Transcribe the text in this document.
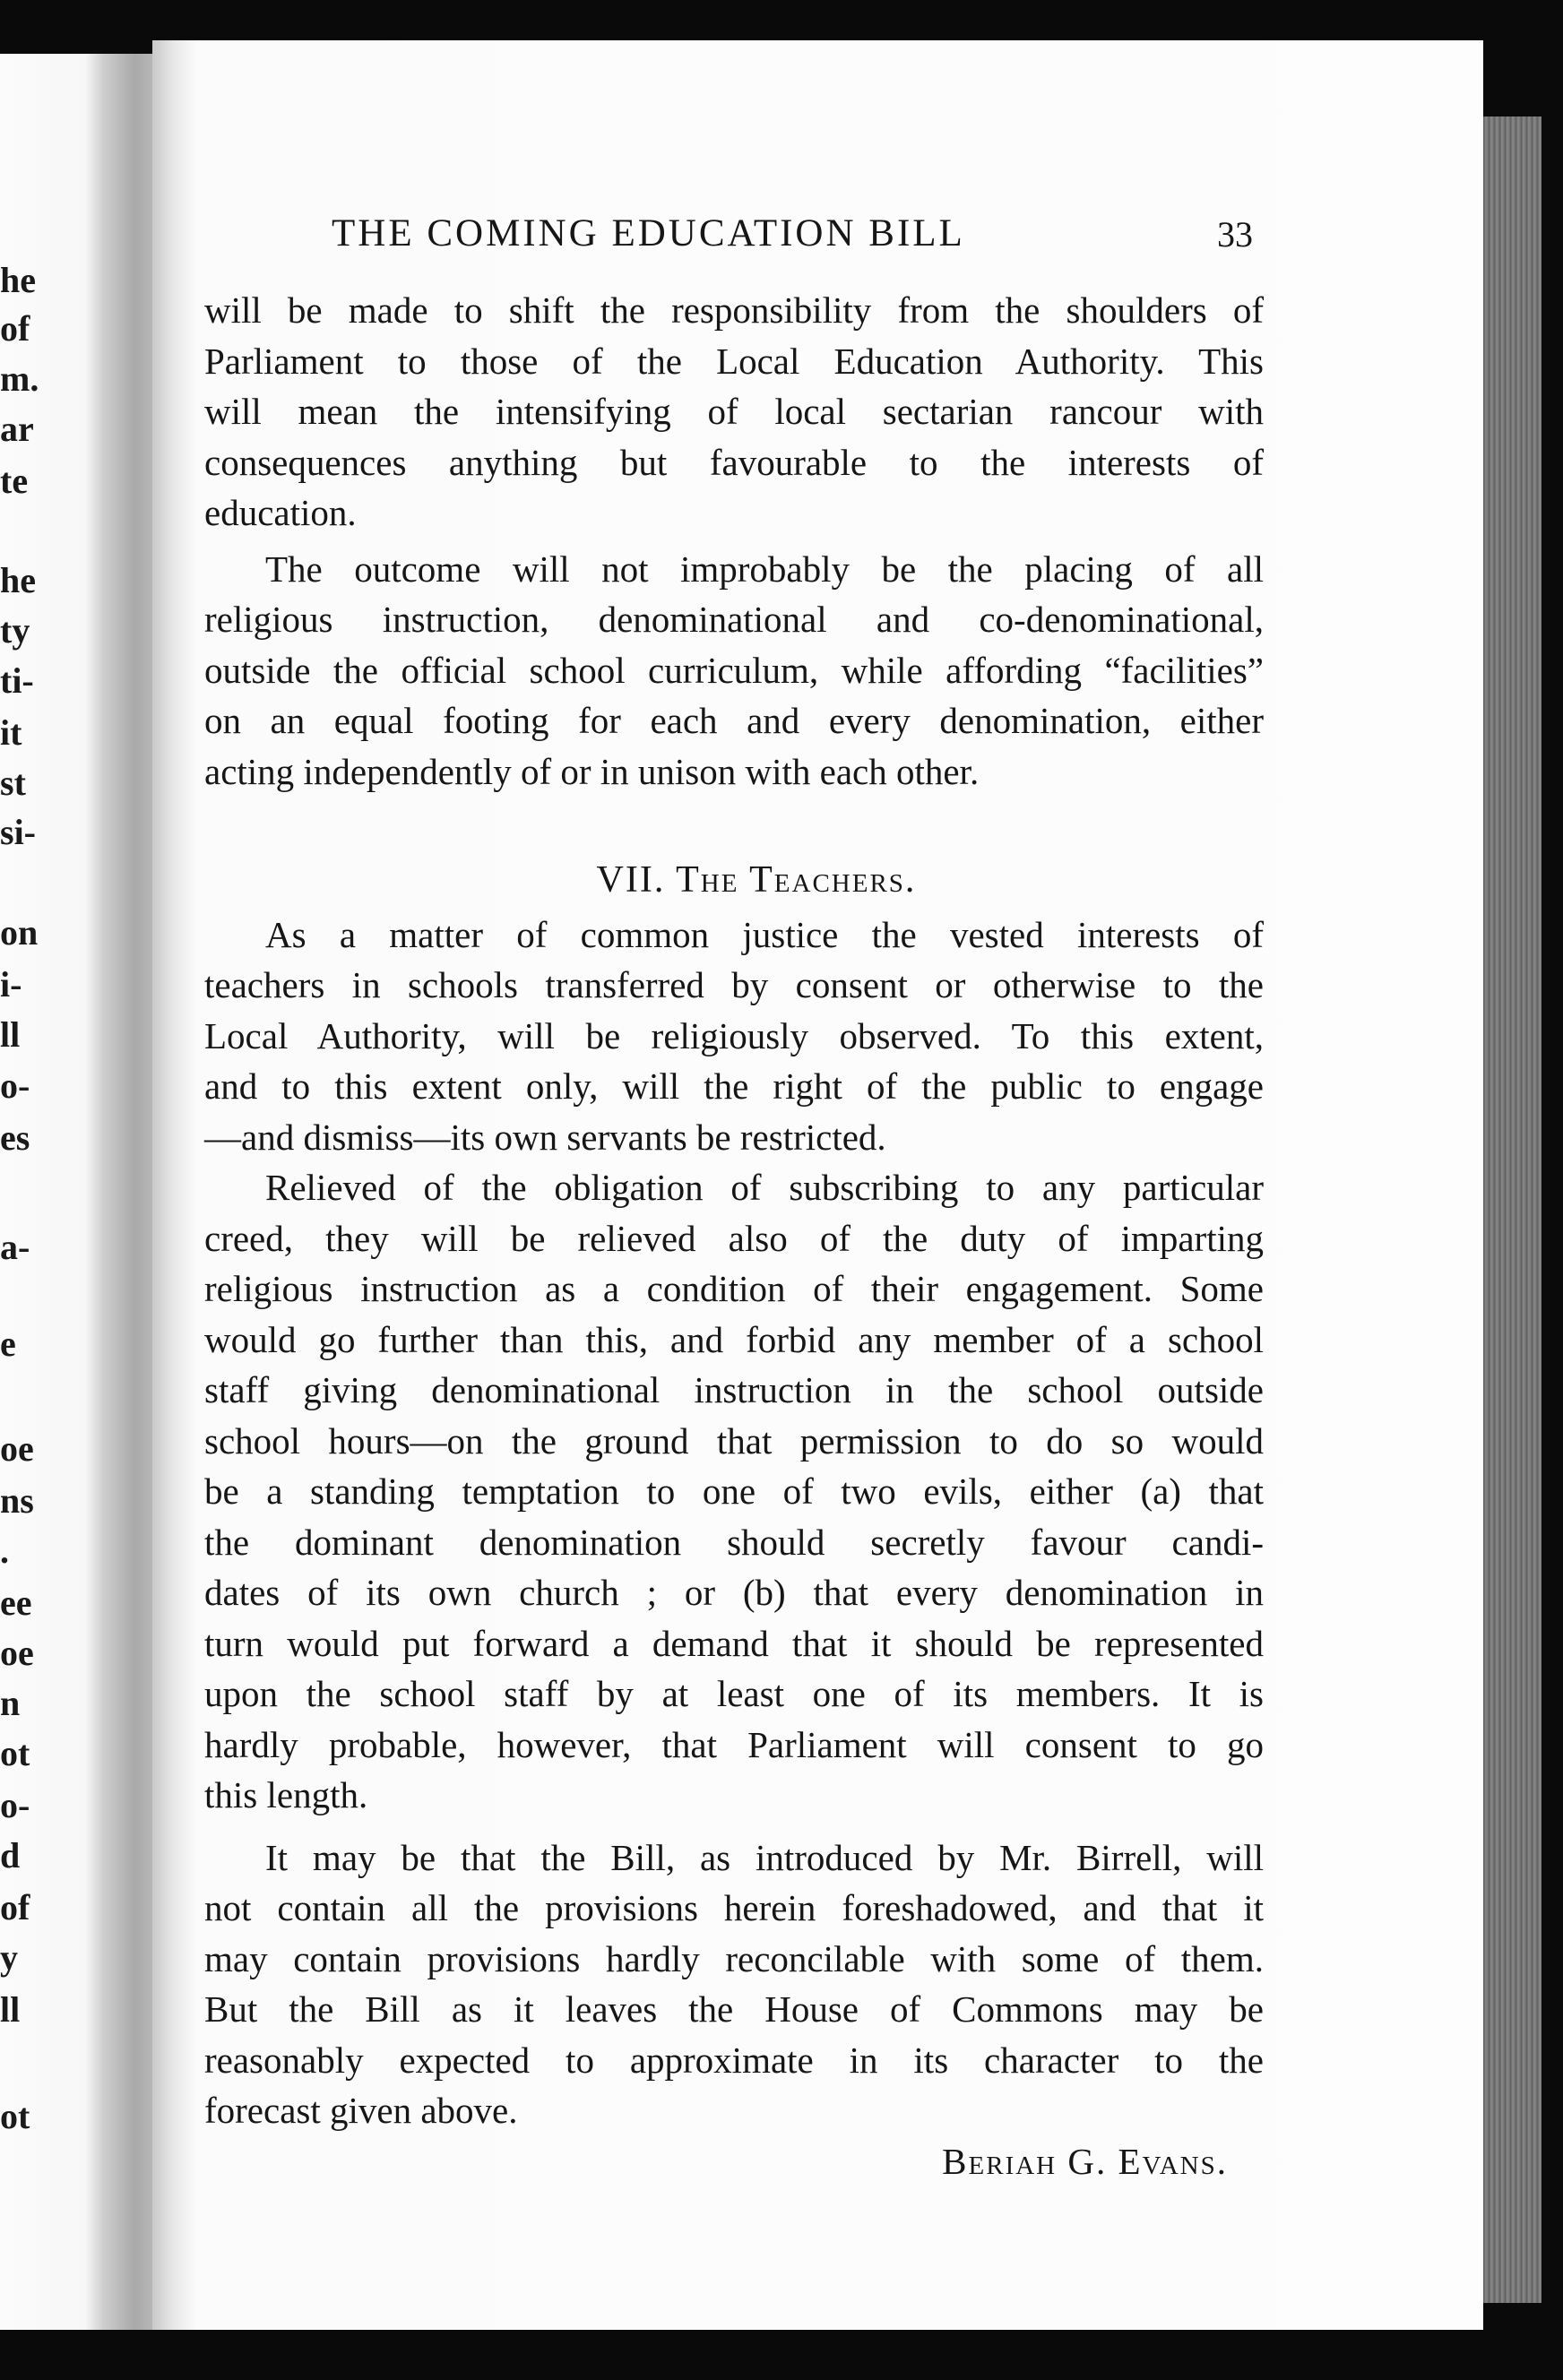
THE COMING EDUCATION BILL	33
will be made to shift the responsibility from the shoulders of
Parliament to those of the Local Education Authority. This
will mean the intensifying of local sectarian rancour with
consequences anything but favourable to the interests of
education.
The outcome will not improbably be the placing of all
religious instruction, denominational and co-denominational,
outside the official school curriculum, while affording “facilities”
on an equal footing for each and every denomination, either
acting independently of or in unison with each other.
VII. The Teachers.
As a matter of common justice the vested interests of
teachers in schools transferred by consent or otherwise to the
Local Authority, will be religiously observed. To this extent,
and to this extent only, will the right of the public to engage
—and dismiss—its own servants be restricted.
Relieved of the obligation of subscribing to any particular
creed, they will be relieved also of the duty of imparting
religious instruction as a condition of their engagement. Some
would go further than this, and forbid any member of a school
staff giving denominational instruction in the school outside
school hours—on the ground that permission to do so would
be a standing temptation to one of two evils, either (a) that
the dominant denomination should secretly favour candi-
dates of its own church ; or (b) that every denomination in
turn would put forward a demand that it should be represented
upon the school staff by at least one of its members. It is
hardly probable, however, that Parliament will consent to go
this length.
It may be that the Bill, as introduced by Mr. Birrell, will
not contain all the provisions herein foreshadowed, and that it
may contain provisions hardly reconcilable with some of them.
But the Bill as it leaves the House of Commons may be
reasonably expected to approximate in its character to the
forecast given above.
Beriah G. Evans.
he
of
m.
ar
te
he
ty
ti-
it
st
si-
on
i-
ll
o-
es
a-
e
oe
ns
.
ee
oe
n
ot
o-
d
of
y
ll
ot
